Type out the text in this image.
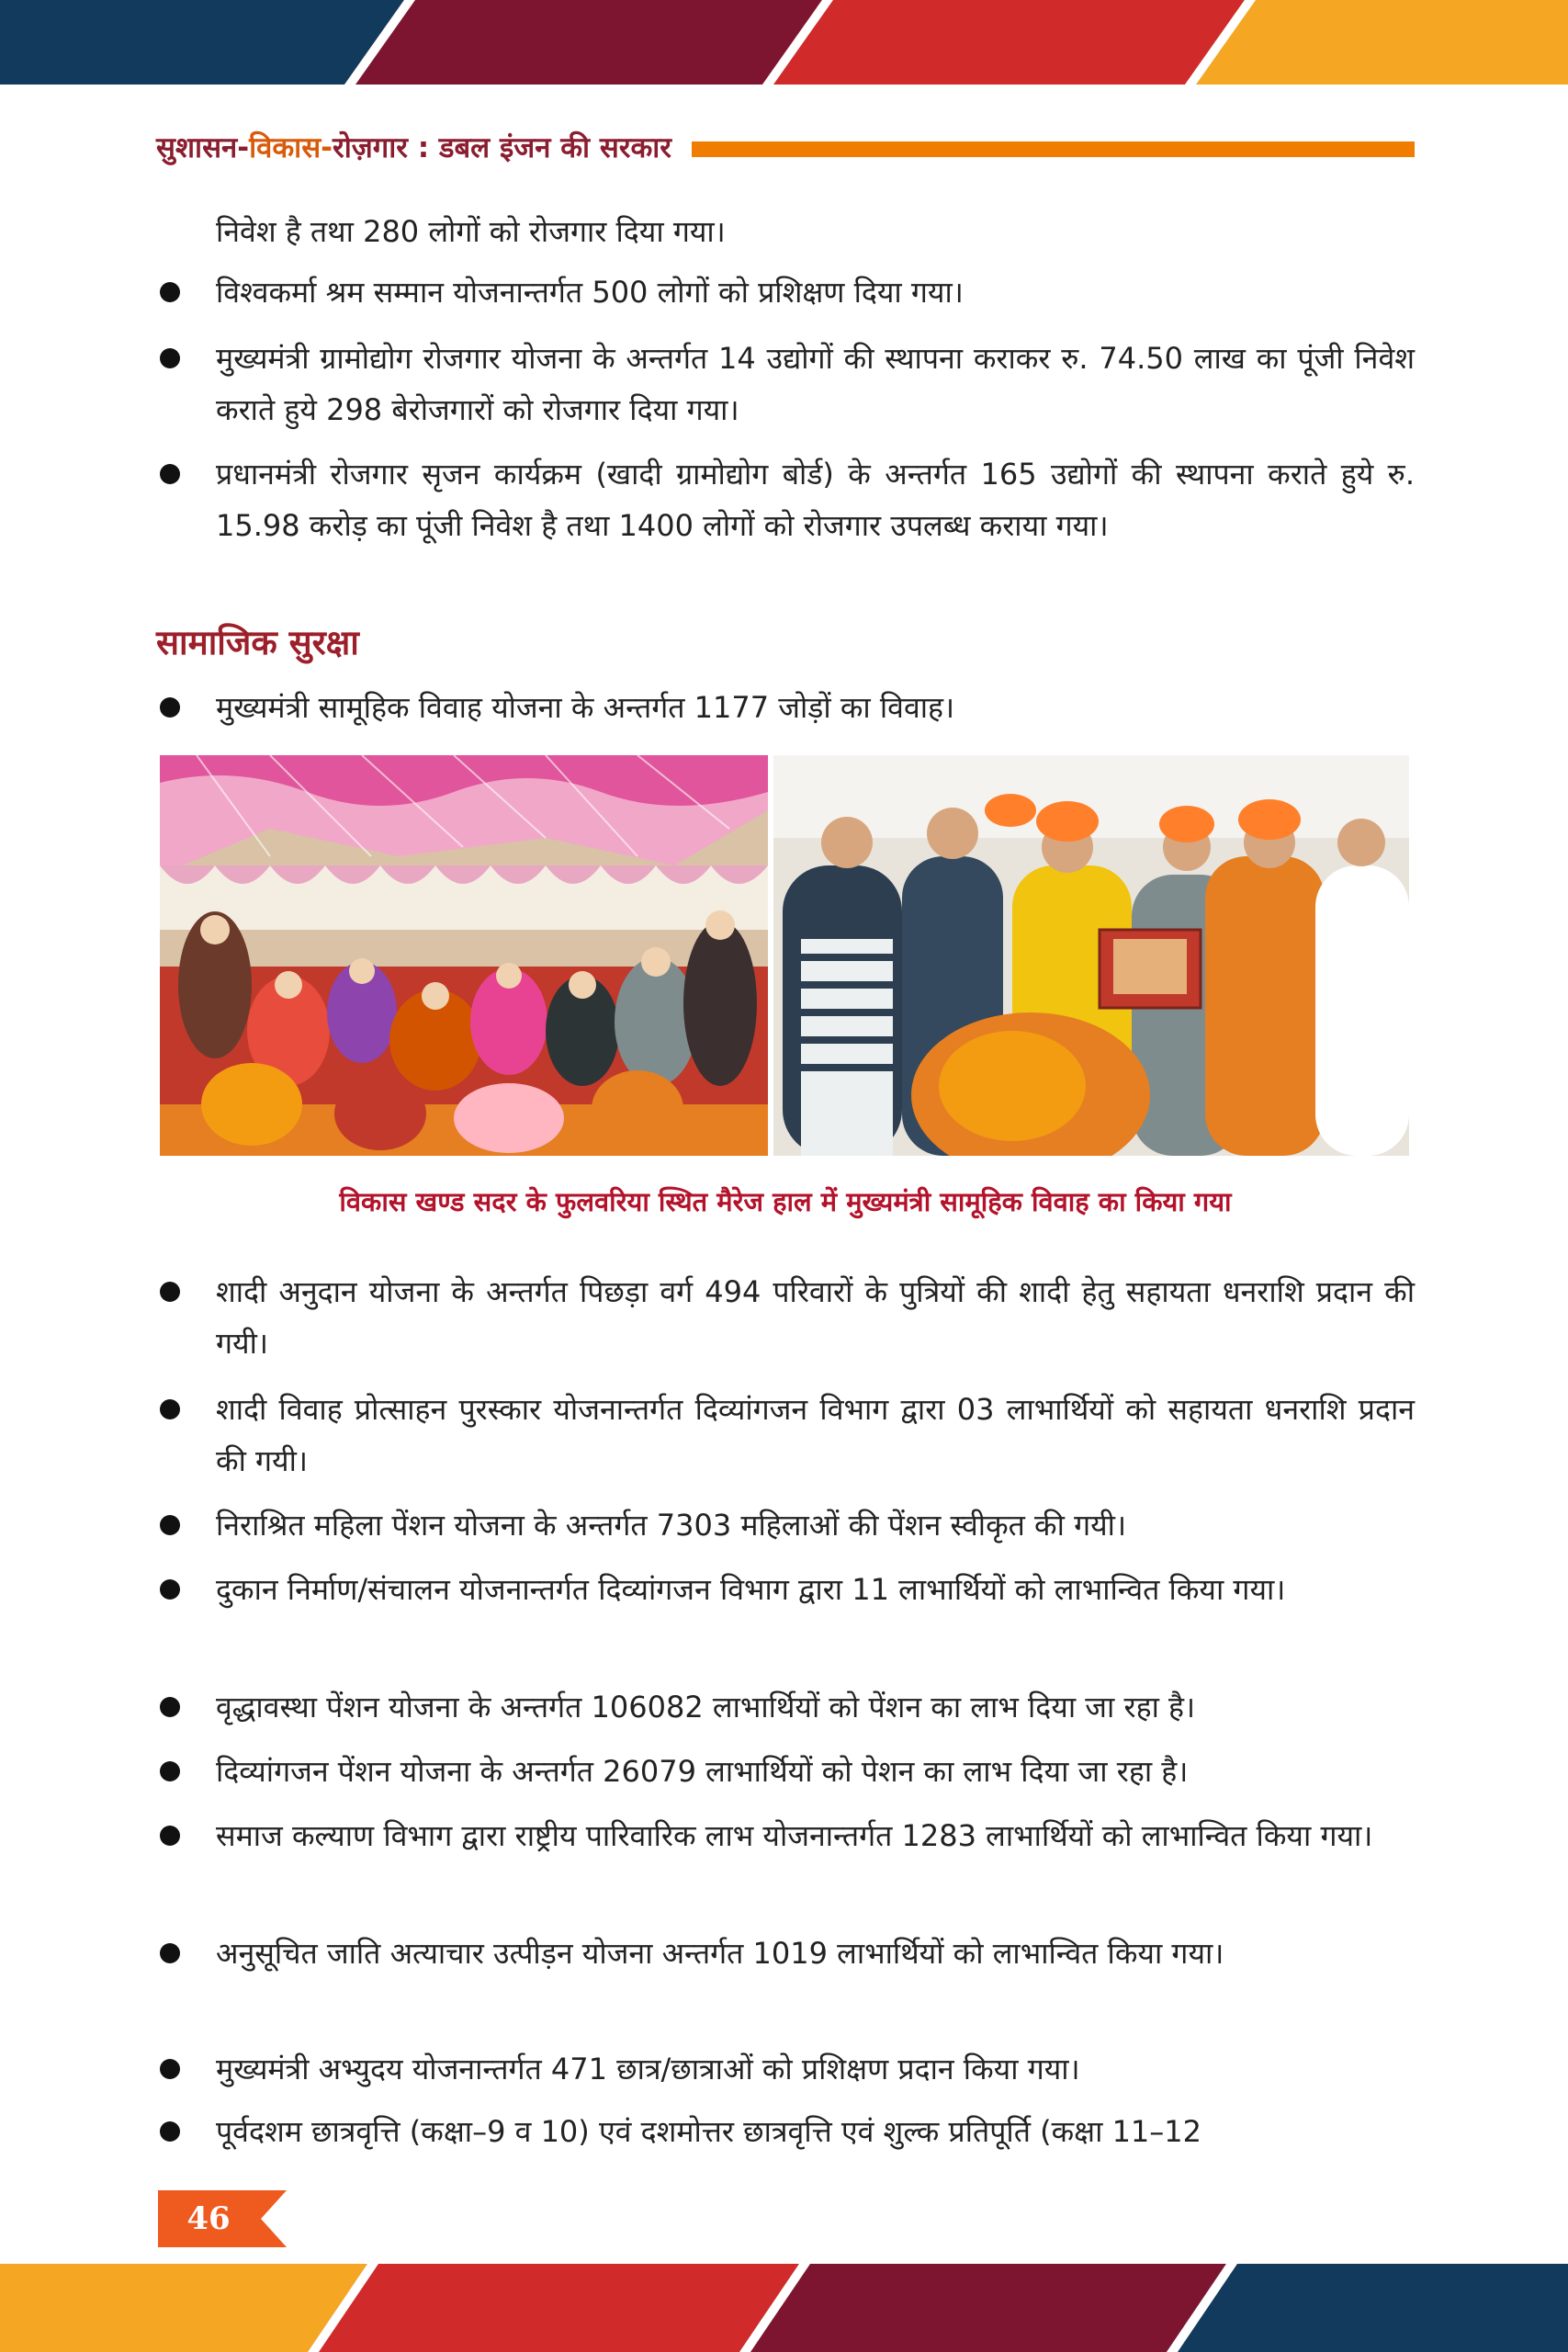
सुशासन-विकास-रोज़गार : डबल इंजन की सरकार
निवेश है तथा 280 लोगों को रोजगार दिया गया।
विश्वकर्मा श्रम सम्मान योजनान्तर्गत 500 लोगों को प्रशिक्षण दिया गया।
मुख्यमंत्री ग्रामोद्योग रोजगार योजना के अन्तर्गत 14 उद्योगों की स्थापना कराकर रु. 74.50 लाख का पूंजी निवेश कराते हुये 298 बेरोजगारों को रोजगार दिया गया।
प्रधानमंत्री रोजगार सृजन कार्यक्रम (खादी ग्रामोद्योग बोर्ड) के अन्तर्गत 165 उद्योगों की स्थापना कराते हुये रु. 15.98 करोड़ का पूंजी निवेश है तथा 1400 लोगों को रोजगार उपलब्ध कराया गया।
सामाजिक सुरक्षा
मुख्यमंत्री सामूहिक विवाह योजना के अन्तर्गत 1177 जोड़ों का विवाह।
विकास खण्ड सदर के फुलवरिया स्थित मैरेज हाल में मुख्यमंत्री सामूहिक विवाह का किया गया
शादी अनुदान योजना के अन्तर्गत पिछड़ा वर्ग 494 परिवारों के पुत्रियों की शादी हेतु सहायता धनराशि प्रदान की गयी।
शादी विवाह प्रोत्साहन पुरस्कार योजनान्तर्गत दिव्यांगजन विभाग द्वारा 03 लाभार्थियों को सहायता धनराशि प्रदान की गयी।
निराश्रित महिला पेंशन योजना के अन्तर्गत 7303 महिलाओं की पेंशन स्वीकृत की गयी।
दुकान निर्माण/संचालन योजनान्तर्गत दिव्यांगजन विभाग द्वारा 11 लाभार्थियों को लाभान्वित किया गया।
वृद्धावस्था पेंशन योजना के अन्तर्गत 106082 लाभार्थियों को पेंशन का लाभ दिया जा रहा है।
दिव्यांगजन पेंशन योजना के अन्तर्गत 26079 लाभार्थियों को पेशन का लाभ दिया जा रहा है।
समाज कल्याण विभाग द्वारा राष्ट्रीय पारिवारिक लाभ योजनान्तर्गत 1283 लाभार्थियों को लाभान्वित किया गया।
अनुसूचित जाति अत्याचार उत्पीड़न योजना अन्तर्गत 1019 लाभार्थियों को लाभान्वित किया गया।
मुख्यमंत्री अभ्युदय योजनान्तर्गत 471 छात्र/छात्राओं को प्रशिक्षण प्रदान किया गया।
पूर्वदशम छात्रवृत्ति (कक्षा–9 व 10) एवं दशमोत्तर छात्रवृत्ति एवं शुल्क प्रतिपूर्ति (कक्षा 11–12
46
